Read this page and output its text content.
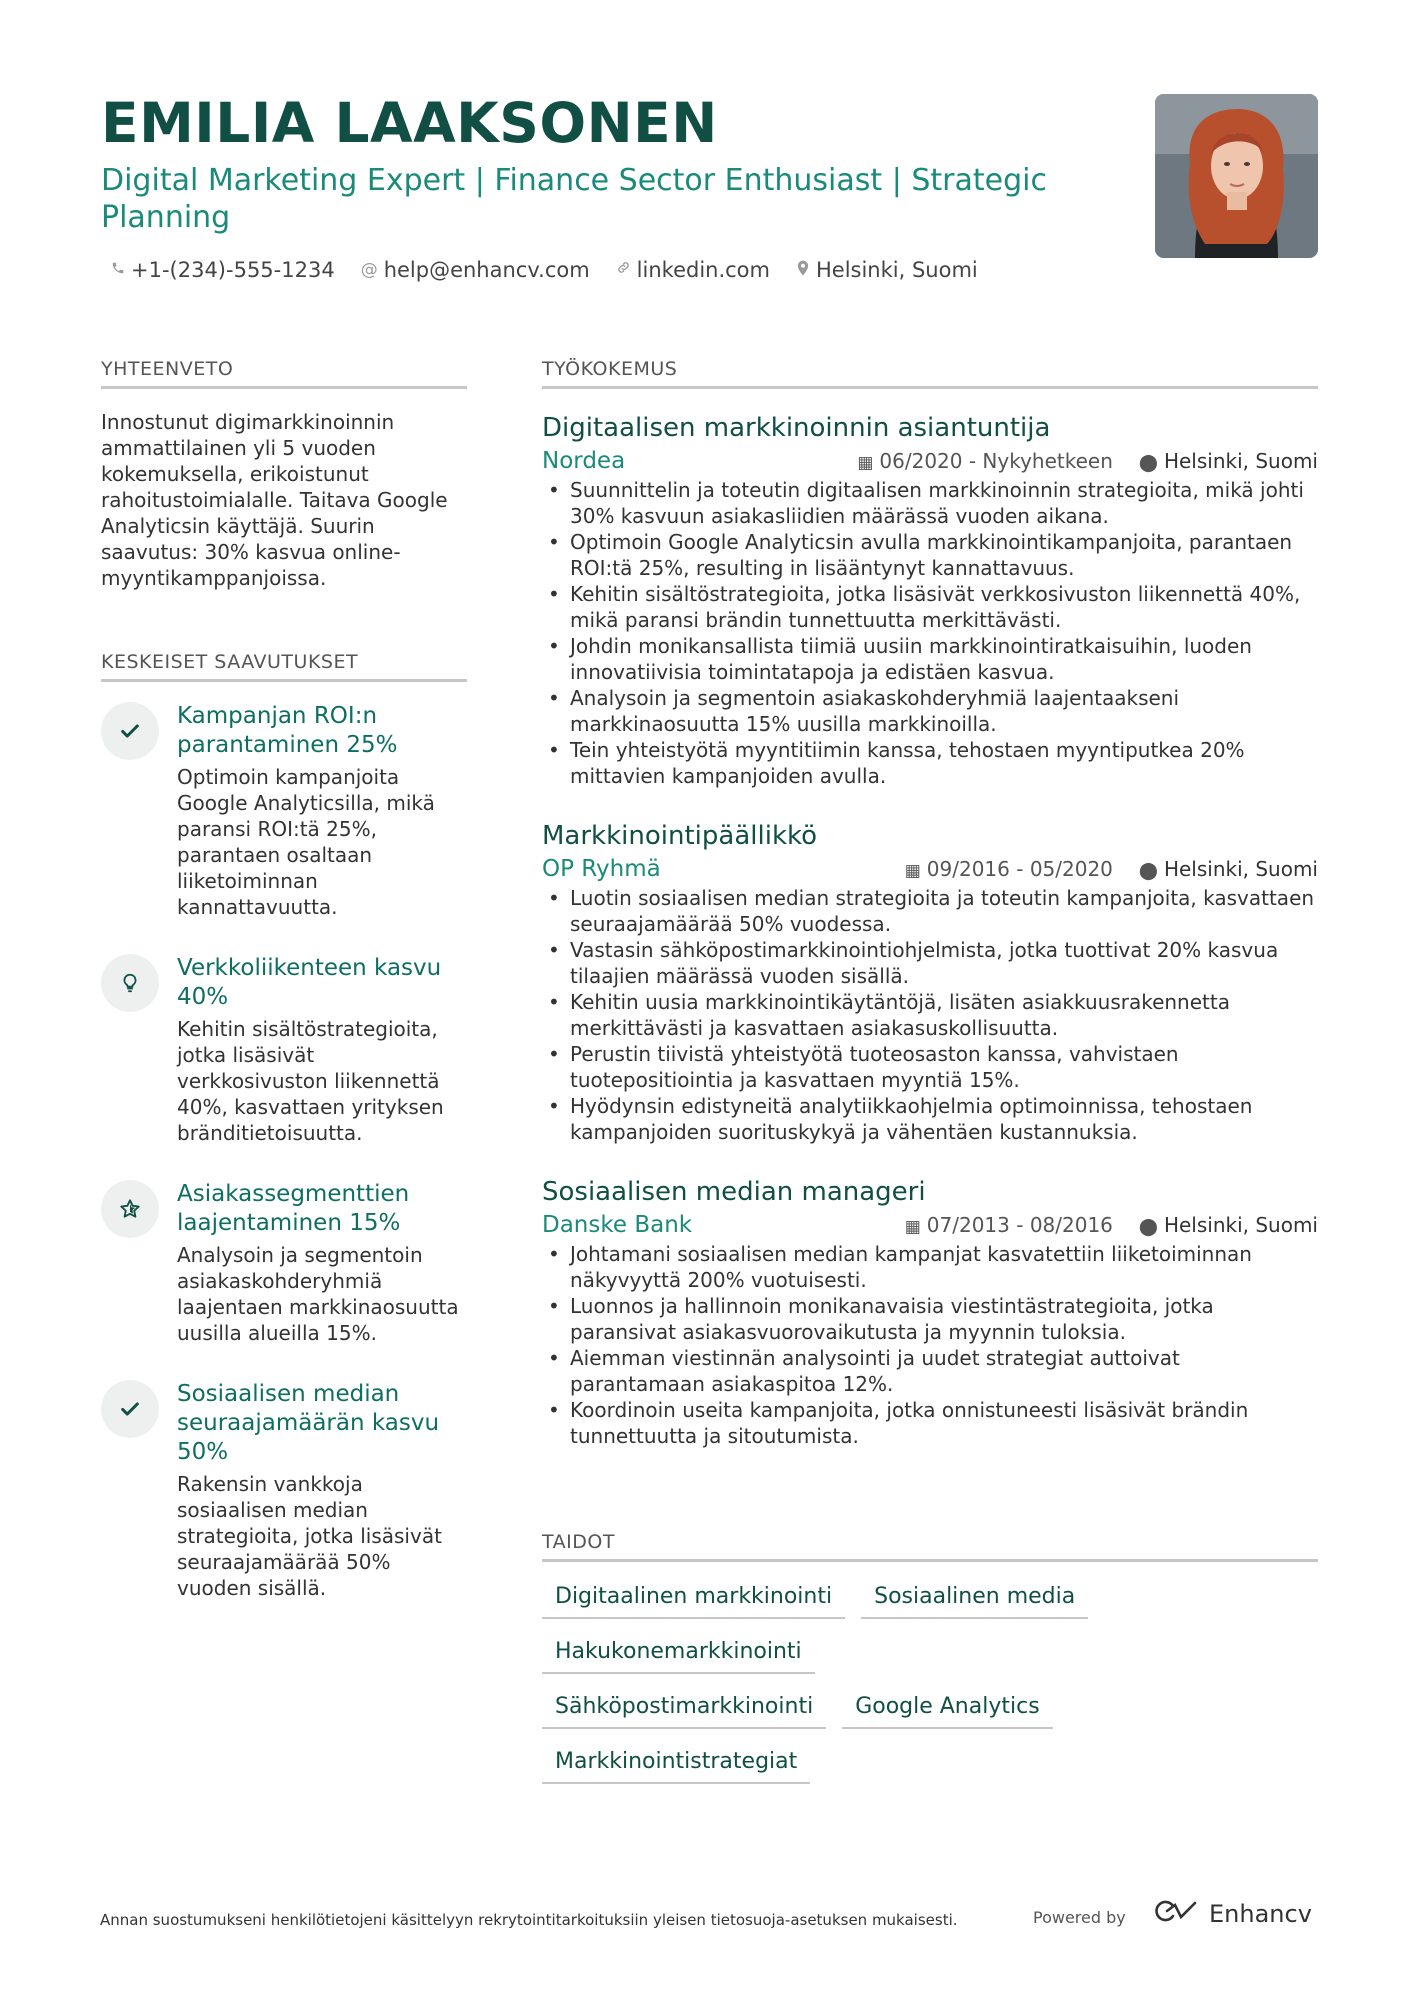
EMILIA LAAKSONEN
Digital Marketing Expert | Finance Sector Enthusiast | Strategic Planning
+1-(234)-555-1234 @ help@enhancv.com linkedin.com Helsinki, Suomi
YHTEENVETO
Innostunut digimarkkinoinnin ammattilainen yli 5 vuoden kokemuksella, erikoistunut rahoitustoimialalle. Taitava Google Analyticsin käyttäjä. Suurin saavutus: 30% kasvua online-myyntikamppanjoissa.
KESKEISET SAAVUTUKSET
Kampanjan ROI:n parantaminen 25%
Optimoin kampanjoita Google Analyticsilla, mikä paransi ROI:tä 25%, parantaen osaltaan liiketoiminnan kannattavuutta.
Verkkoliikenteen kasvu 40%
Kehitin sisältöstrategioita, jotka lisäsivät verkkosivuston liikennettä 40%, kasvattaen yrityksen bränditietoisuutta.
Asiakassegmenttien laajentaminen 15%
Analysoin ja segmentoin asiakaskohderyhmiä laajentaen markkinaosuutta uusilla alueilla 15%.
Sosiaalisen median seuraajamäärän kasvu 50%
Rakensin vankkoja sosiaalisen median strategioita, jotka lisäsivät seuraajamäärää 50% vuoden sisällä.
TYÖKOKEMUS
Digitaalisen markkinoinnin asiantuntija
Nordea	▦ 06/2020 - Nykyhetkeen ⬤ Helsinki, Suomi
• Suunnittelin ja toteutin digitaalisen markkinoinnin strategioita, mikä johti 30% kasvuun asiakasliidien määrässä vuoden aikana.
• Optimoin Google Analyticsin avulla markkinointikampanjoita, parantaen ROI:tä 25%, resulting in lisääntynyt kannattavuus.
• Kehitin sisältöstrategioita, jotka lisäsivät verkkosivuston liikennettä 40%, mikä paransi brändin tunnettuutta merkittävästi.
• Johdin monikansallista tiimiä uusiin markkinointiratkaisuihin, luoden innovatiivisia toimintatapoja ja edistäen kasvua.
• Analysoin ja segmentoin asiakaskohderyhmiä laajentaakseni markkinaosuutta 15% uusilla markkinoilla.
• Tein yhteistyötä myyntitiimin kanssa, tehostaen myyntiputkea 20% mittavien kampanjoiden avulla.
Markkinointipäällikkö
OP Ryhmä	▦ 09/2016 - 05/2020 ⬤ Helsinki, Suomi
• Luotin sosiaalisen median strategioita ja toteutin kampanjoita, kasvattaen seuraajamäärää 50% vuodessa.
• Vastasin sähköpostimarkkinointiohjelmista, jotka tuottivat 20% kasvua tilaajien määrässä vuoden sisällä.
• Kehitin uusia markkinointikäytäntöjä, lisäten asiakkuusrakennetta merkittävästi ja kasvattaen asiakasuskollisuutta.
• Perustin tiivistä yhteistyötä tuoteosaston kanssa, vahvistaen tuotepositiointia ja kasvattaen myyntiä 15%.
• Hyödynsin edistyneitä analytiikkaohjelmia optimoinnissa, tehostaen kampanjoiden suorituskykyä ja vähentäen kustannuksia.
Sosiaalisen median manageri
Danske Bank	▦ 07/2013 - 08/2016 ⬤ Helsinki, Suomi
• Johtamani sosiaalisen median kampanjat kasvatettiin liiketoiminnan näkyvyyttä 200% vuotuisesti.
• Luonnos ja hallinnoin monikanavaisia viestintästrategioita, jotka paransivat asiakasvuorovaikutusta ja myynnin tuloksia.
• Aiemman viestinnän analysointi ja uudet strategiat auttoivat parantamaan asiakaspitoa 12%.
• Koordinoin useita kampanjoita, jotka onnistuneesti lisäsivät brändin tunnettuutta ja sitoutumista.
TAIDOT
Digitaalinen markkinointi	Sosiaalinen media
Hakukonemarkkinointi
Sähköpostimarkkinointi	Google Analytics
Markkinointistrategiat
Annan suostumukseni henkilötietojeni käsittelyyn rekrytointitarkoituksiin yleisen tietosuoja-asetuksen mukaisesti.	Powered by	Enhancv
